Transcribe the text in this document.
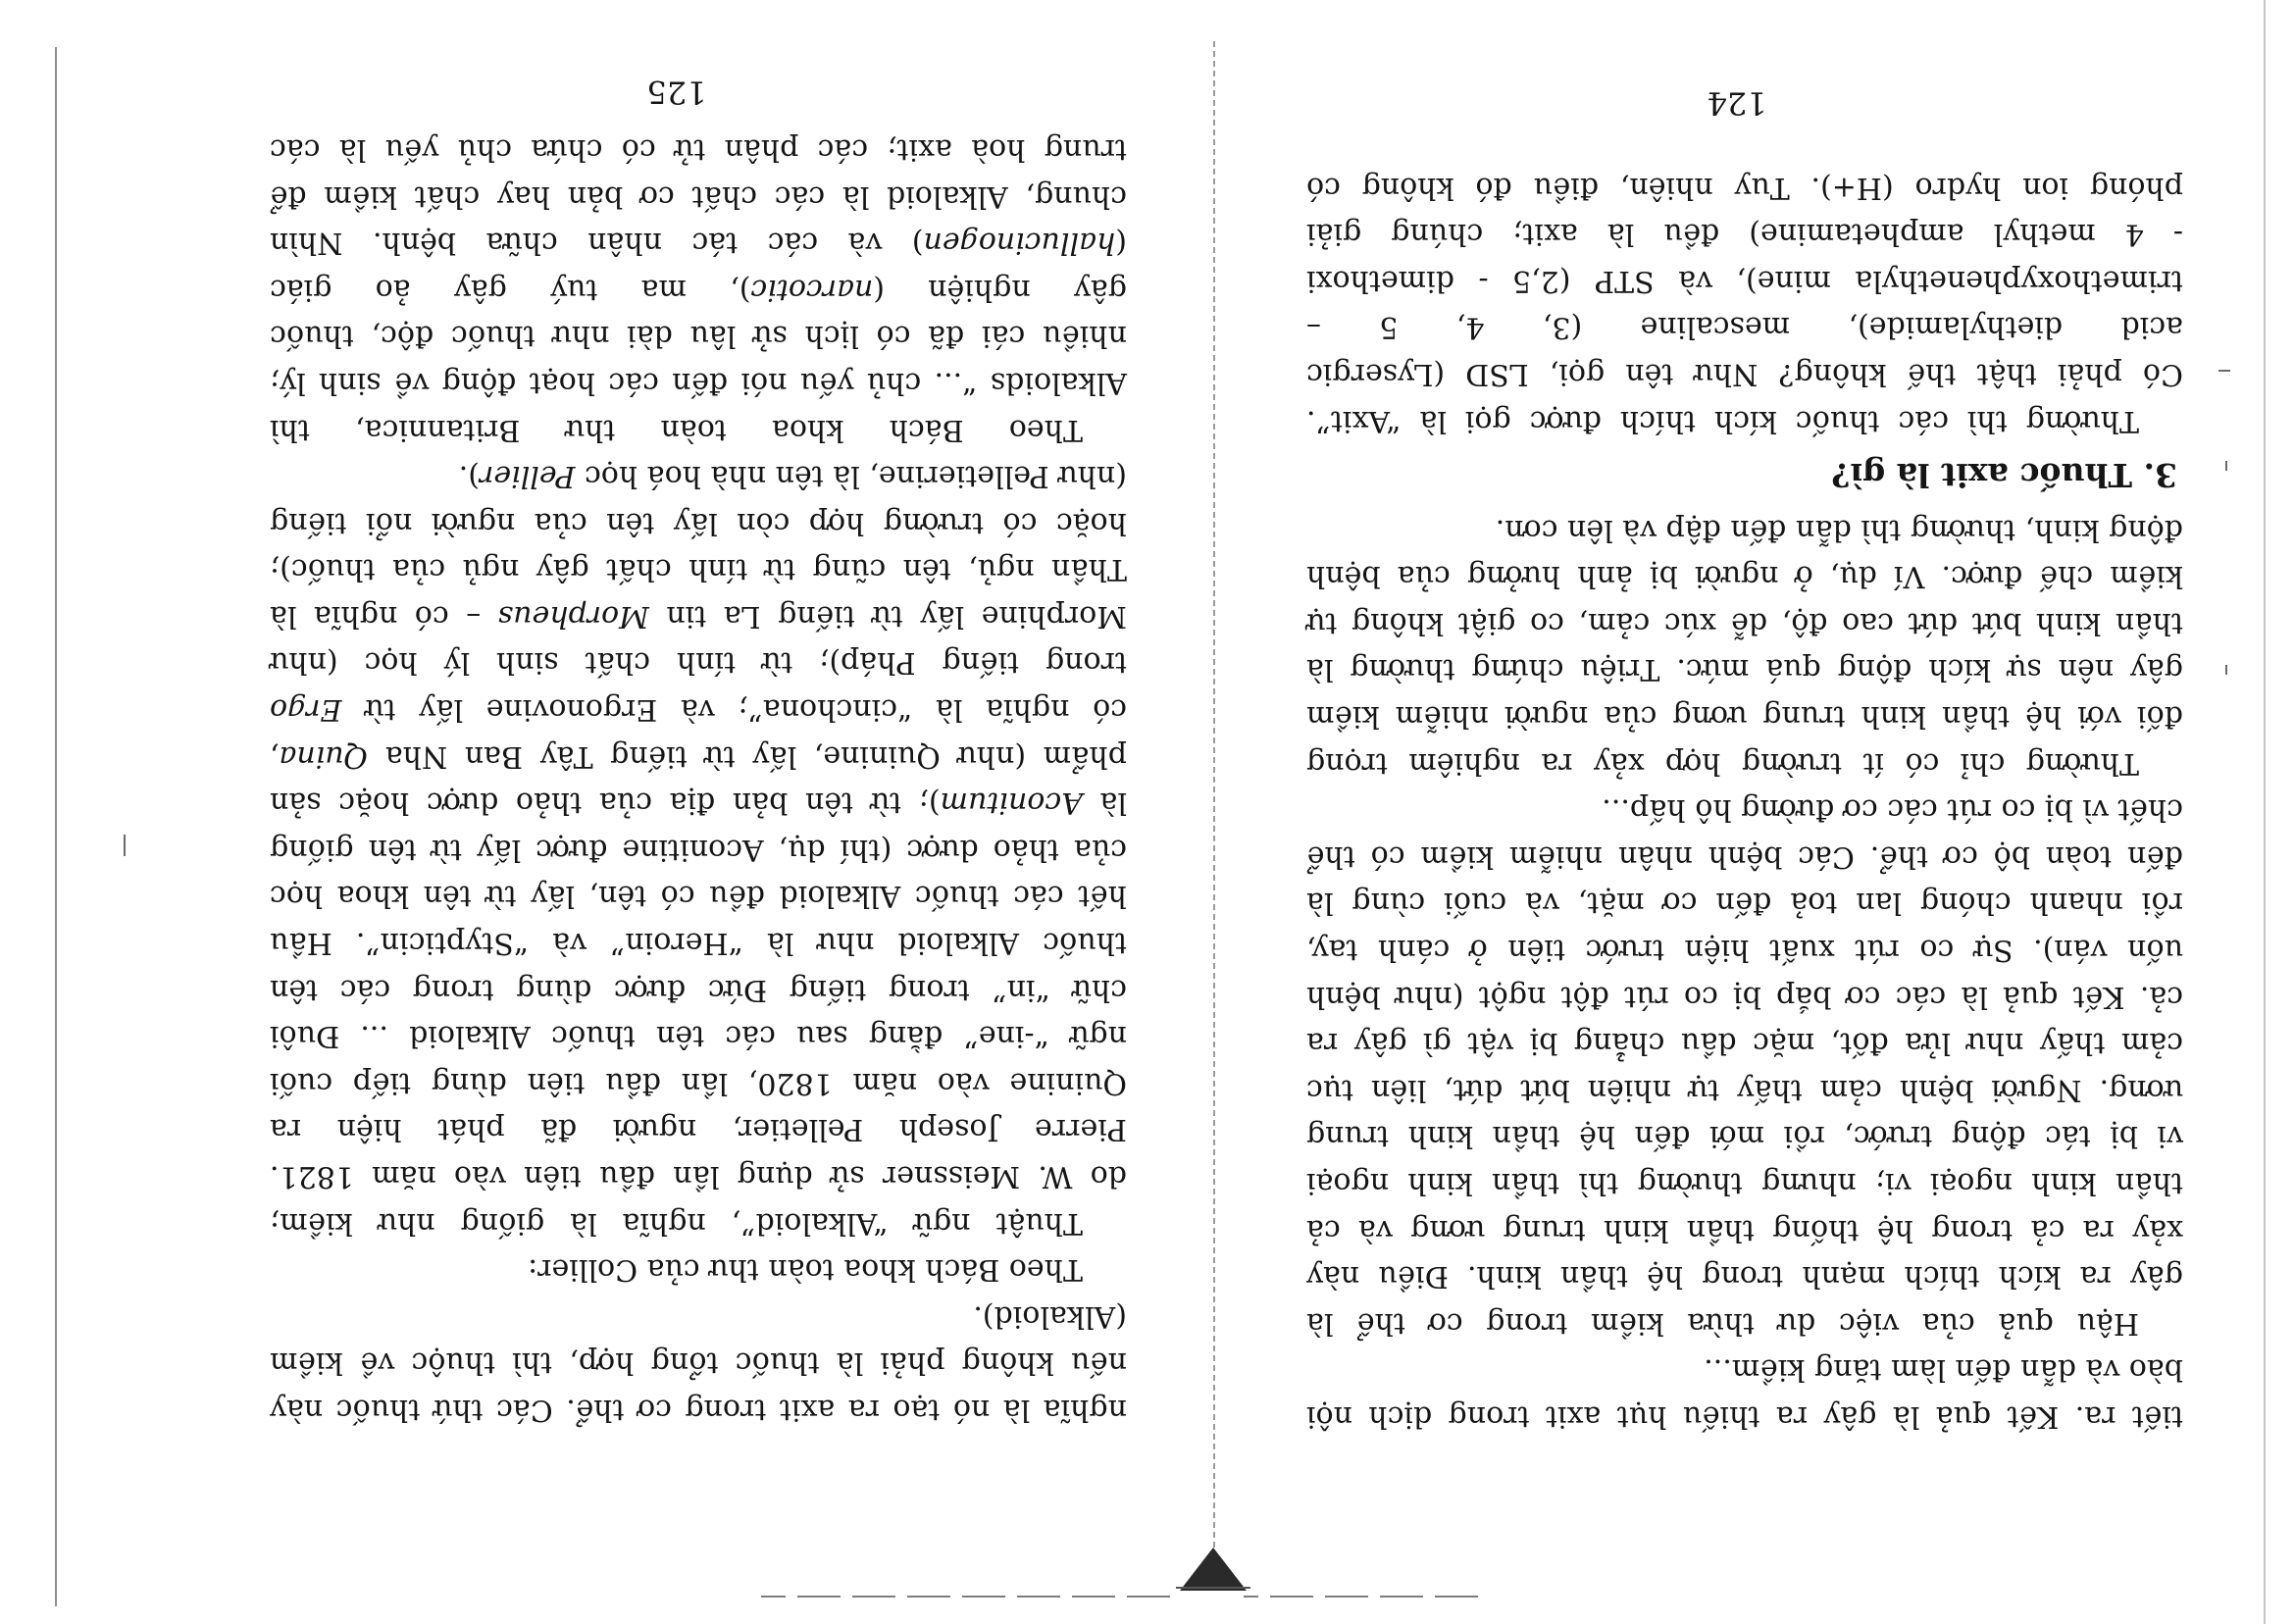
tiết ra. Kết quả là gây ra thiếu hụt axit trong dịch nội
bào và dẫn đến làm tăng kiềm...
Hậu quả của việc dư thừa kiềm trong cơ thể là
gây ra kích thích mạnh trong hệ thần kinh. Điều này
xảy ra cả trong hệ thống thần kinh trung ương và cả
thần kinh ngoại vi; nhưng thường thì thần kinh ngoại
vi bị tác động trước, rồi mới đến hệ thần kinh trung
ương. Người bệnh cảm thấy tự nhiên bứt dứt, liên tục
cảm thấy như lửa đốt, mặc dầu chẳng bị vật gì gây ra
cả. Kết quả là các cơ bắp bị co rút đột ngột (như bệnh
uốn ván). Sự co rút xuất hiện trước tiên ở cánh tay,
rồi nhanh chóng lan toả đến cơ mặt, và cuối cùng là
đến toàn bộ cơ thể. Các bệnh nhân nhiễm kiềm có thể
chết vì bị co rút các cơ đường hô hấp...
Thường chỉ có ít trường hợp xảy ra nghiêm trọng
đối với hệ thần kinh trung ương của người nhiễm kiềm
gây nên sự kích động quá mức. Triệu chứng thường là
thần kinh bứt dứt cao độ, dễ xúc cảm, co giật không tự
kiềm chế được. Ví dụ, ở người bị ảnh hưởng của bệnh
động kinh, thường thì dẫn đến đập và lên cơn.
3. Thuốc axit là gì?
Thường thì các thuốc kích thích được gọi là “Axit”.
Có phải thật thế không? Như tên gọi, LSD (Lysergic
acid diethylamide), mescaline (3, 4, 5 –
trimethoxyphenethyla mine), và STP (2,5 - dimethoxi
- 4 methyl amphetamine) đều là axit; chúng giải
phóng ion hydro (H+). Tuy nhiên, điều đó không có
124
nghĩa là nó tạo ra axit trong cơ thể. Các thứ thuốc này
nếu không phải là thuốc tổng hợp, thì thuộc về kiềm
(Alkaloid).
Theo Bách khoa toàn thư của Collier:
Thuật ngữ “Alkaloid”, nghĩa là giống như kiềm;
do W. Meissner sử dụng lần đầu tiên vào năm 1821.
Pierre Joseph Pelletier, người đã phát hiện ra
Quinine vào năm 1820, lần đầu tiên dùng tiếp cuối
ngữ “-ine” đằng sau các tên thuốc Alkaloid ... Đuôi
chữ “in” trong tiếng Đức được dùng trong các tên
thuốc Alkaloid như là “Heroin” và “Stypticin”. Hầu
hết các thuốc Alkaloid đều có tên, lấy từ tên khoa học
của thảo dược (thí dụ, Aconitine được lấy từ tên giống
là Aconitum); từ tên bản địa của thảo dược hoặc sản
phẩm (như Quinine, lấy từ tiếng Tây Ban Nha Quina,
có nghĩa là “cinchona”; và Ergonovine lấy từ Ergo
trong tiếng Pháp); từ tính chất sinh lý học (như
Morphine lấy từ tiếng La tin Morpheus – có nghĩa là
Thần ngủ, tên cũng từ tính chất gây ngủ của thuốc);
hoặc có trường hợp còn lấy tên của người nổi tiếng
(như Pelletierine, là tên nhà hoá học Pellier).
Theo Bách khoa toàn thư Britannica, thì
Alkaloids “... chủ yếu nói đến các hoạt động về sinh lý;
nhiều cái đã có lịch sử lâu dài như thuốc độc, thuốc
gây nghiện (narcotic), ma tuý gây ảo giác
(hallucinogen) và các tác nhân chữa bệnh. Nhìn
chung, Alkaloid là các chất cơ bản hay chất kiềm để
trung hoà axit; các phân tử có chứa chủ yếu là các
125
